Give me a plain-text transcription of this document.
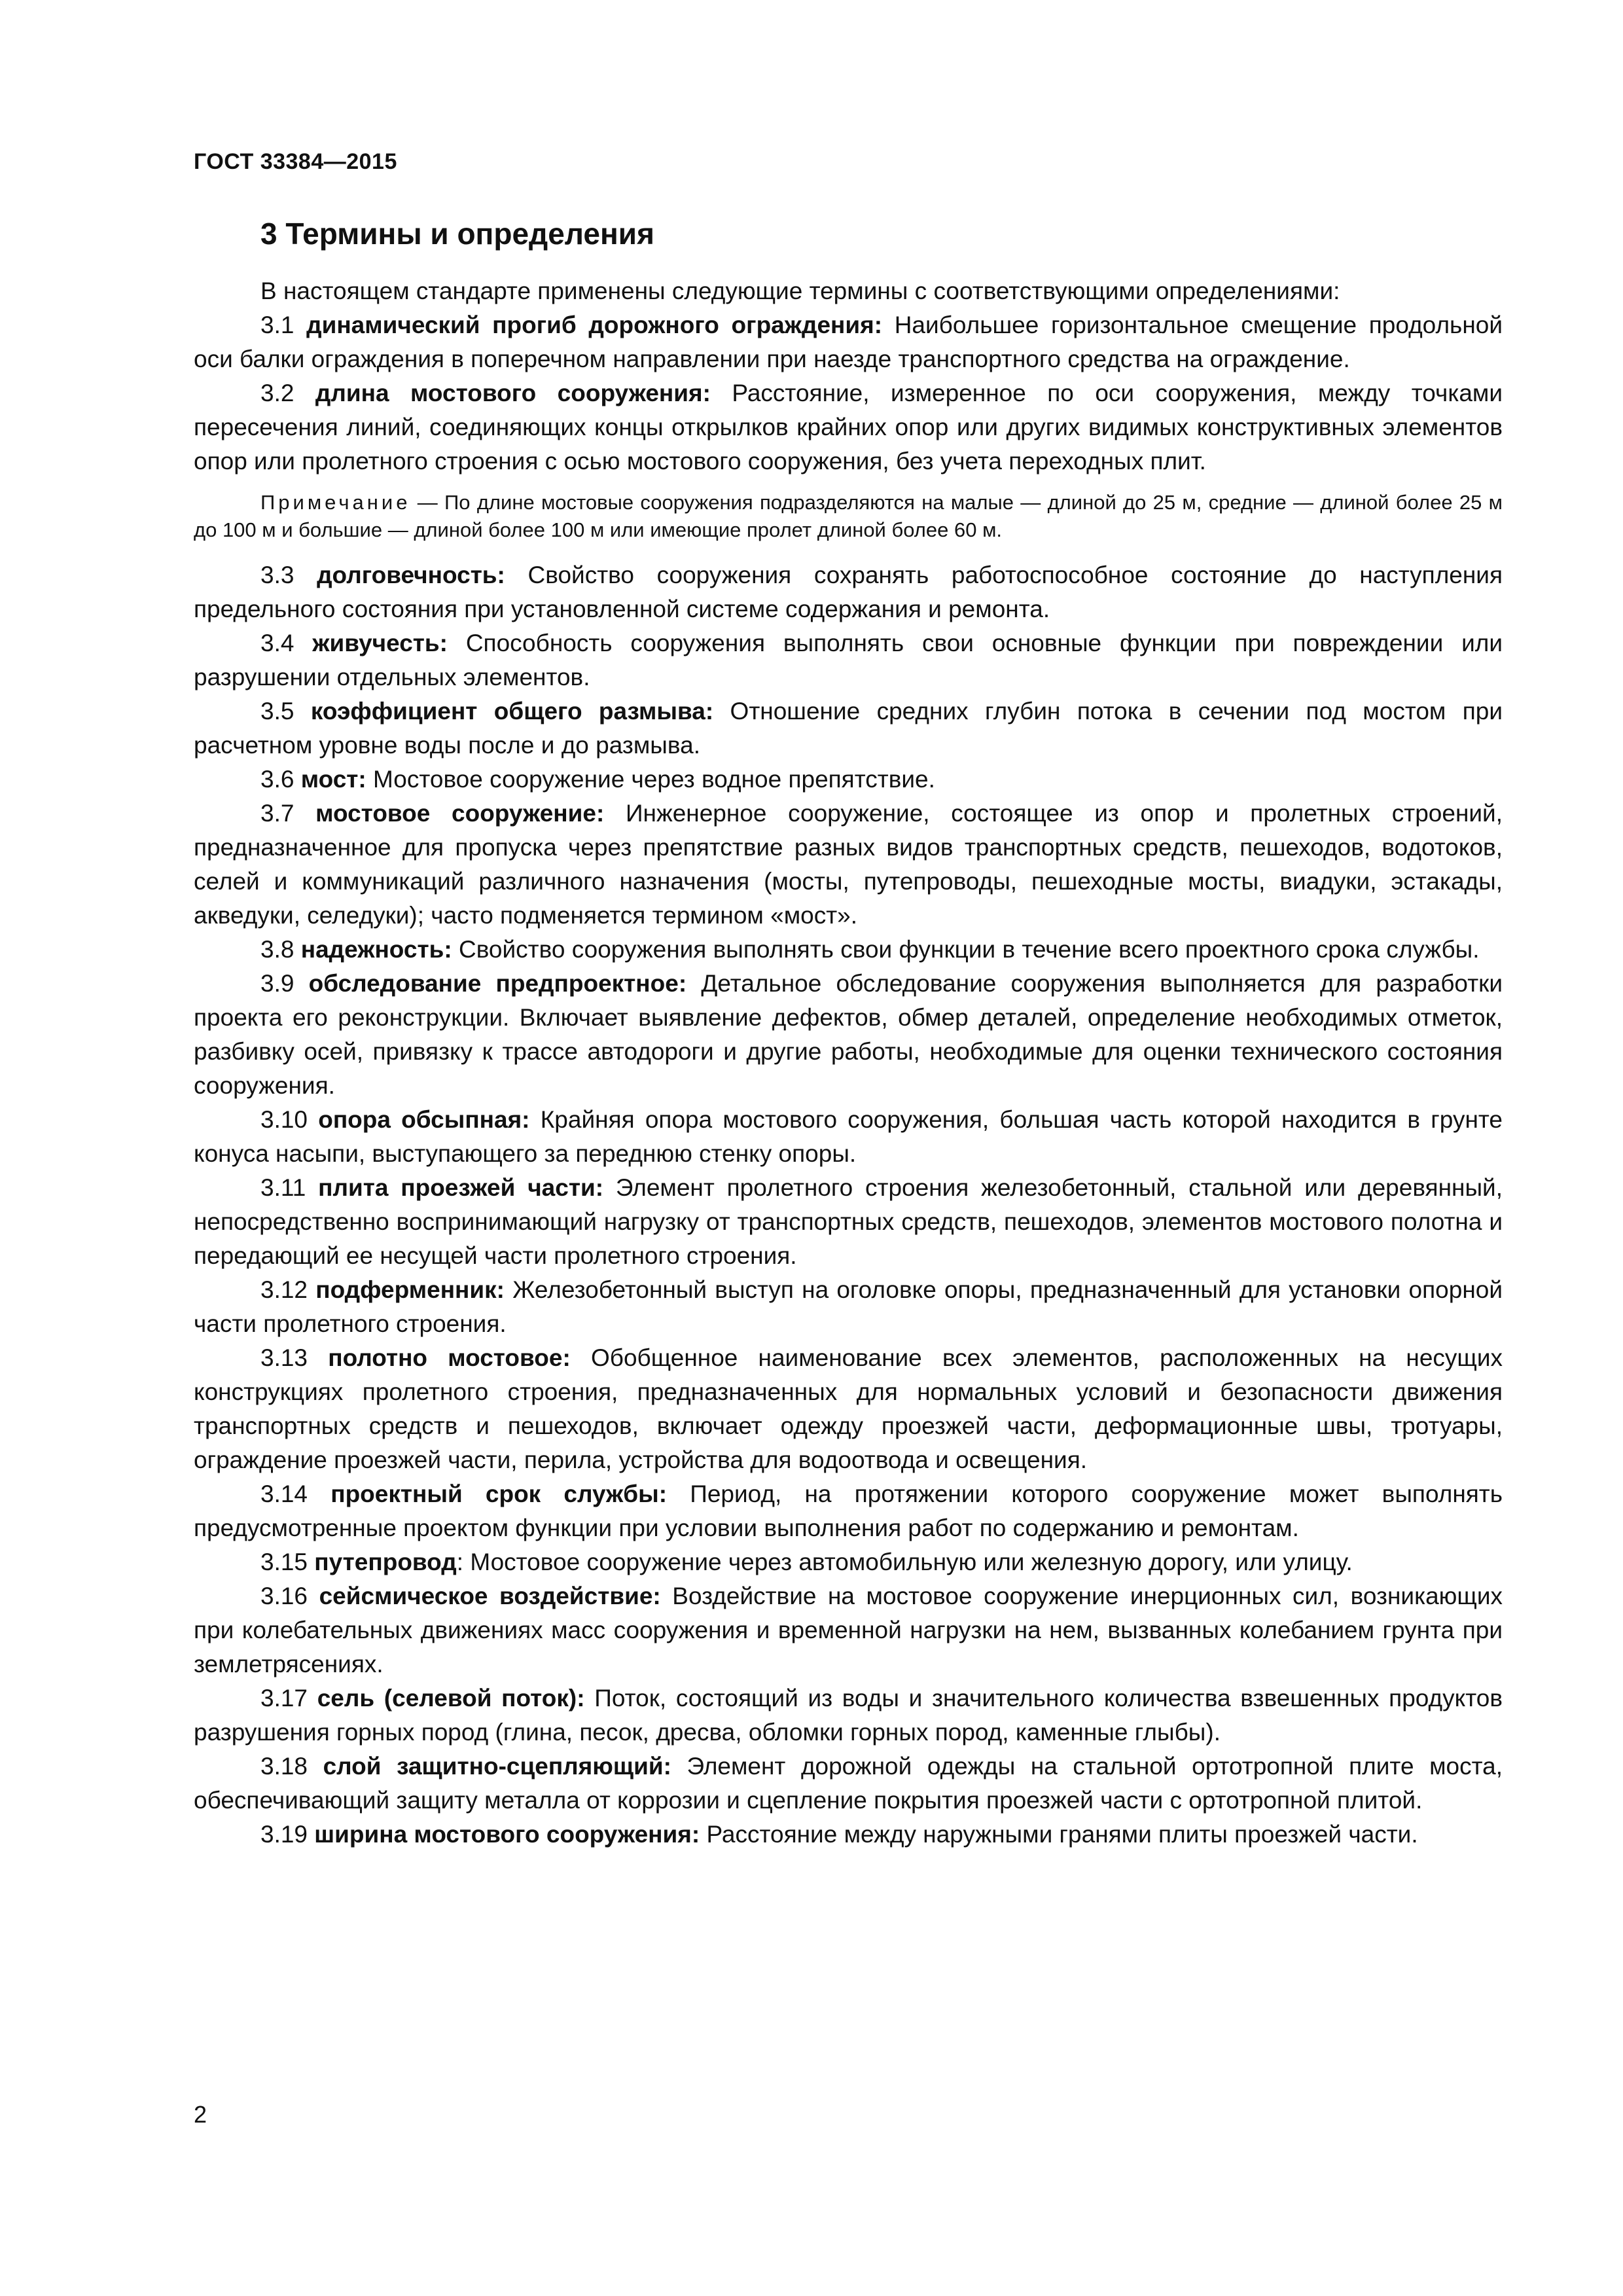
ГОСТ 33384—2015
3 Термины и определения

В настоящем стандарте применены следующие термины с соответствующими определениями:

3.1 динамический прогиб дорожного ограждения: Наибольшее горизонтальное смещение продольной оси балки ограждения в поперечном направлении при наезде транспортного средства на ограждение.

3.2 длина мостового сооружения: Расстояние, измеренное по оси сооружения, между точками пересечения линий, соединяющих концы открылков крайних опор или других видимых конструктивных элементов опор или пролетного строения с осью мостового сооружения, без учета переходных плит.

Примечание — По длине мостовые сооружения подразделяются на малые — длиной до 25 м, средние — длиной более 25 м до 100 м и большие — длиной более 100 м или имеющие пролет длиной более 60 м.

3.3 долговечность: Свойство сооружения сохранять работоспособное состояние до наступления предельного состояния при установленной системе содержания и ремонта.

3.4 живучесть: Способность сооружения выполнять свои основные функции при повреждении или разрушении отдельных элементов.

3.5 коэффициент общего размыва: Отношение средних глубин потока в сечении под мостом при расчетном уровне воды после и до размыва.

3.6 мост: Мостовое сооружение через водное препятствие.

3.7 мостовое сооружение: Инженерное сооружение, состоящее из опор и пролетных строений, предназначенное для пропуска через препятствие разных видов транспортных средств, пешеходов, водотоков, селей и коммуникаций различного назначения (мосты, путепроводы, пешеходные мосты, виадуки, эстакады, акведуки, селедуки); часто подменяется термином «мост».

3.8 надежность: Свойство сооружения выполнять свои функции в течение всего проектного срока службы.

3.9 обследование предпроектное: Детальное обследование сооружения выполняется для разработки проекта его реконструкции. Включает выявление дефектов, обмер деталей, определение необходимых отметок, разбивку осей, привязку к трассе автодороги и другие работы, необходимые для оценки технического состояния сооружения.

3.10 опора обсыпная: Крайняя опора мостового сооружения, большая часть которой находится в грунте конуса насыпи, выступающего за переднюю стенку опоры.

3.11 плита проезжей части: Элемент пролетного строения железобетонный, стальной или деревянный, непосредственно воспринимающий нагрузку от транспортных средств, пешеходов, элементов мостового полотна и передающий ее несущей части пролетного строения.

3.12 подферменник: Железобетонный выступ на оголовке опоры, предназначенный для установки опорной части пролетного строения.

3.13 полотно мостовое: Обобщенное наименование всех элементов, расположенных на несущих конструкциях пролетного строения, предназначенных для нормальных условий и безопасности движения транспортных средств и пешеходов, включает одежду проезжей части, деформационные швы, тротуары, ограждение проезжей части, перила, устройства для водоотвода и освещения.

3.14 проектный срок службы: Период, на протяжении которого сооружение может выполнять предусмотренные проектом функции при условии выполнения работ по содержанию и ремонтам.

3.15 путепровод: Мостовое сооружение через автомобильную или железную дорогу, или улицу.

3.16 сейсмическое воздействие: Воздействие на мостовое сооружение инерционных сил, возникающих при колебательных движениях масс сооружения и временной нагрузки на нем, вызванных колебанием грунта при землетрясениях.

3.17 сель (селевой поток): Поток, состоящий из воды и значительного количества взвешенных продуктов разрушения горных пород (глина, песок, дресва, обломки горных пород, каменные глыбы).

3.18 слой защитно-сцепляющий: Элемент дорожной одежды на стальной ортотропной плите моста, обеспечивающий защиту металла от коррозии и сцепление покрытия проезжей части с ортотропной плитой.

3.19 ширина мостового сооружения: Расстояние между наружными гранями плиты проезжей части.

2
